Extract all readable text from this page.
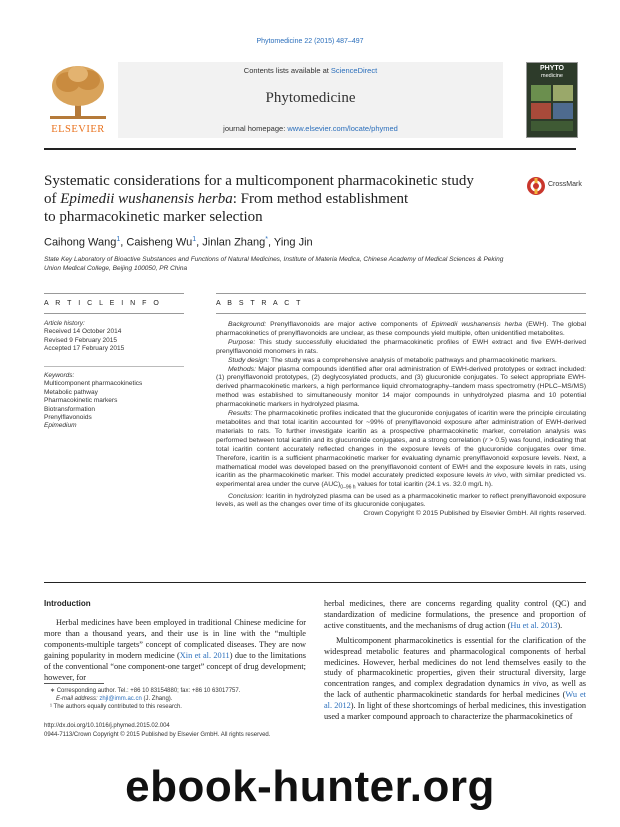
Phytomedicine 22 (2015) 487–497
ELSEVIER
Contents lists available at ScienceDirect
Phytomedicine
journal homepage: www.elsevier.com/locate/phymed
PHYTO
medicine
Systematic considerations for a multicomponent pharmacokinetic study
of Epimedii wushanensis herba: From method establishment
to pharmacokinetic marker selection
CrossMark
Caihong Wang$^1$, Caisheng Wu$^1$, Jinlan Zhang*, Ying Jin
State Key Laboratory of Bioactive Substances and Functions of Natural Medicines, Institute of Materia Medica, Chinese Academy of Medical Sciences & Peking Union Medical College, Beijing 100050, PR China
A R T I C L E I N F O
Article history:
Received 14 October 2014
Revised 9 February 2015
Accepted 17 February 2015
Keywords:
Multicomponent pharmacokinetics
Metabolic pathway
Pharmacokinetic markers
Biotransformation
Prenylflavonoids
Epimedium
A B S T R A C T

Background: Prenylflavonoids are major active components of Epimedii wushanensis herba (EWH). The global pharmacokinetics of prenylflavonoids are unclear, as these compounds yield multiple, often unidentified metabolites.

Purpose: This study successfully elucidated the pharmacokinetic profiles of EWH extract and five EWH-derived prenylflavonoid monomers in rats.

Study design: The study was a comprehensive analysis of metabolic pathways and pharmacokinetic markers.

Methods: Major plasma compounds identified after oral administration of EWH-derived prototypes or extract included: (1) prenylflavonoid prototypes, (2) deglycosylated products, and (3) glucuronide conjugates. To select appropriate EWH-derived pharmacokinetic markers, a high performance liquid chromatography–tandem mass spectrometry (HPLC–MS/MS) method was established to simultaneously monitor 14 major compounds in unhydrolyzed plasma and 10 potential pharmacokinetic markers in hydrolyzed plasma.

Results: The pharmacokinetic profiles indicated that the glucuronide conjugates of icaritin were the principle circulating metabolites and that total icaritin accounted for ~99% of prenylflavonoid exposure after administration of EWH-derived materials to rats. To further investigate icaritin as a prospective pharmacokinetic marker, correlation analysis was performed between total icaritin and its glucuronide conjugates, and a strong correlation (r > 0.5) was found, indicating that total icaritin content accurately reflected changes in the exposure levels of the glucuronide conjugates over time. Therefore, icaritin is a sufficient pharmacokinetic marker for evaluating dynamic prenylflavonoid exposure levels. Next, a mathematical model was developed based on the prenylflavonoid content of EWH and the exposure levels in rats, using icaritin as the pharmacokinetic marker. This model accurately predicted exposure levels in vivo, with similar predicted vs. experimental area under the curve $(AUC)_{0-96 h}$ values for total icaritin (24.1 vs. 32.0 mg/L h).

Conclusion: Icaritin in hydrolyzed plasma can be used as a pharmacokinetic marker to reflect prenylflavonoid exposure levels, as well as the changes over time of its glucuronide conjugates.

Crown Copyright © 2015 Published by Elsevier GmbH. All rights reserved.
Introduction

Herbal medicines have been employed in traditional Chinese medicine for more than a thousand years, and their use is in line with the “multiple components-multiple targets” concept of complicated diseases. They are now gaining popularity in modern medicine (Xin et al. 2011) due to the limitations of the conventional “one component-one target” concept of drug development; however, for

herbal medicines, there are concerns regarding quality control (QC) and standardization of medicine formulations, the presence and proportion of active constituents, and the mechanisms of drug action (Hu et al. 2013).

Multicomponent pharmacokinetics is essential for the clarification of the widespread metabolic features and pharmacological components of herbal medicines. However, herbal medicines do not lend themselves easily to the study of pharmacokinetic properties, given their structural diversity, large concentration ranges, and complex degradation dynamics in vivo, as well as the lack of authentic pharmacokinetic standards for herbal medicines (Wu et al. 2012). In light of these shortcomings of herbal medicines, this investigation used a marker compound approach to characterize the pharmacokinetics of

∗ Corresponding author. Tel.: +86 10 83154880; fax: +86 10 63017757.
E-mail address: zhjl@imm.ac.cn (J. Zhang).
¹ The authors equally contributed to this research.
http://dx.doi.org/10.1016/j.phymed.2015.02.004
0944-7113/Crown Copyright © 2015 Published by Elsevier GmbH. All rights reserved.
ebook-hunter.org
